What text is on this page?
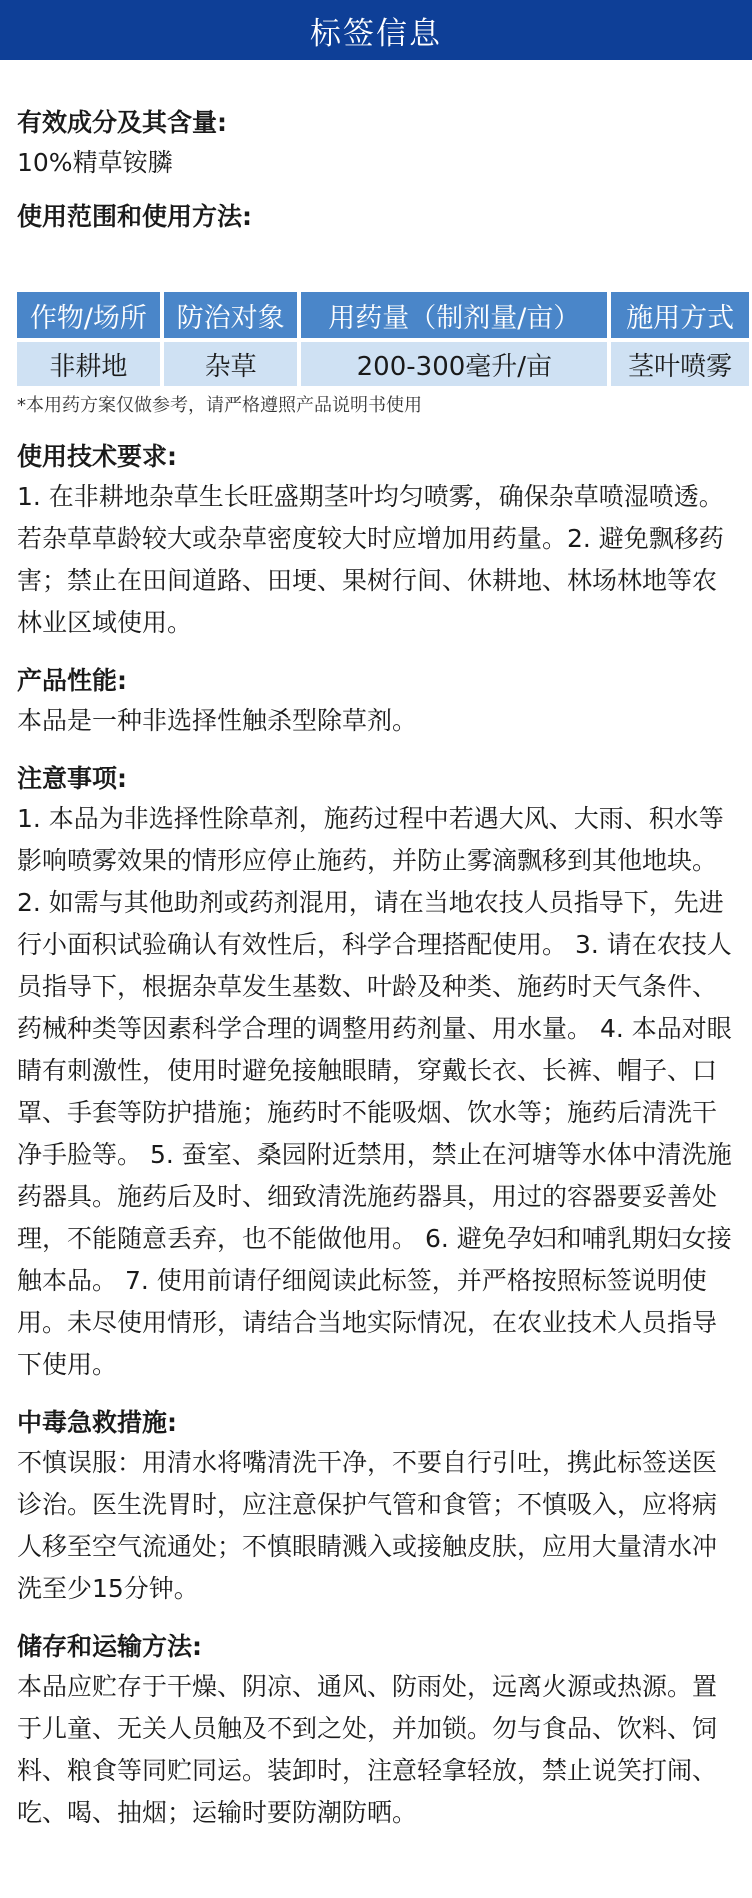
标签信息
有效成分及其含量:
10%精草铵膦
使用范围和使用方法:
作物/场所	防治对象	用药量（制剂量/亩）	施用方式
非耕地	杂草	200-300毫升/亩	茎叶喷雾
*本用药方案仅做参考，请严格遵照产品说明书使用
使用技术要求:
1. 在非耕地杂草生长旺盛期茎叶均匀喷雾，确保杂草喷湿喷透。若杂草草龄较大或杂草密度较大时应增加用药量。2. 避免飘移药害；禁止在田间道路、田埂、果树行间、休耕地、林场林地等农林业区域使用。
产品性能:
本品是一种非选择性触杀型除草剂。
注意事项:
1. 本品为非选择性除草剂，施药过程中若遇大风、大雨、积水等影响喷雾效果的情形应停止施药，并防止雾滴飘移到其他地块。 2. 如需与其他助剂或药剂混用，请在当地农技人员指导下，先进行小面积试验确认有效性后，科学合理搭配使用。 3. 请在农技人员指导下，根据杂草发生基数、叶龄及种类、施药时天气条件、药械种类等因素科学合理的调整用药剂量、用水量。 4. 本品对眼睛有刺激性，使用时避免接触眼睛，穿戴长衣、长裤、帽子、口罩、手套等防护措施；施药时不能吸烟、饮水等；施药后清洗干净手脸等。 5. 蚕室、桑园附近禁用，禁止在河塘等水体中清洗施药器具。施药后及时、细致清洗施药器具，用过的容器要妥善处理，不能随意丢弃，也不能做他用。 6. 避免孕妇和哺乳期妇女接触本品。 7. 使用前请仔细阅读此标签，并严格按照标签说明使用。未尽使用情形，请结合当地实际情况，在农业技术人员指导下使用。
中毒急救措施:
不慎误服：用清水将嘴清洗干净，不要自行引吐，携此标签送医诊治。医生洗胃时，应注意保护气管和食管；不慎吸入，应将病人移至空气流通处；不慎眼睛溅入或接触皮肤，应用大量清水冲洗至少15分钟。
储存和运输方法:
本品应贮存于干燥、阴凉、通风、防雨处，远离火源或热源。置于儿童、无关人员触及不到之处，并加锁。勿与食品、饮料、饲料、粮食等同贮同运。装卸时，注意轻拿轻放，禁止说笑打闹、吃、喝、抽烟；运输时要防潮防晒。
